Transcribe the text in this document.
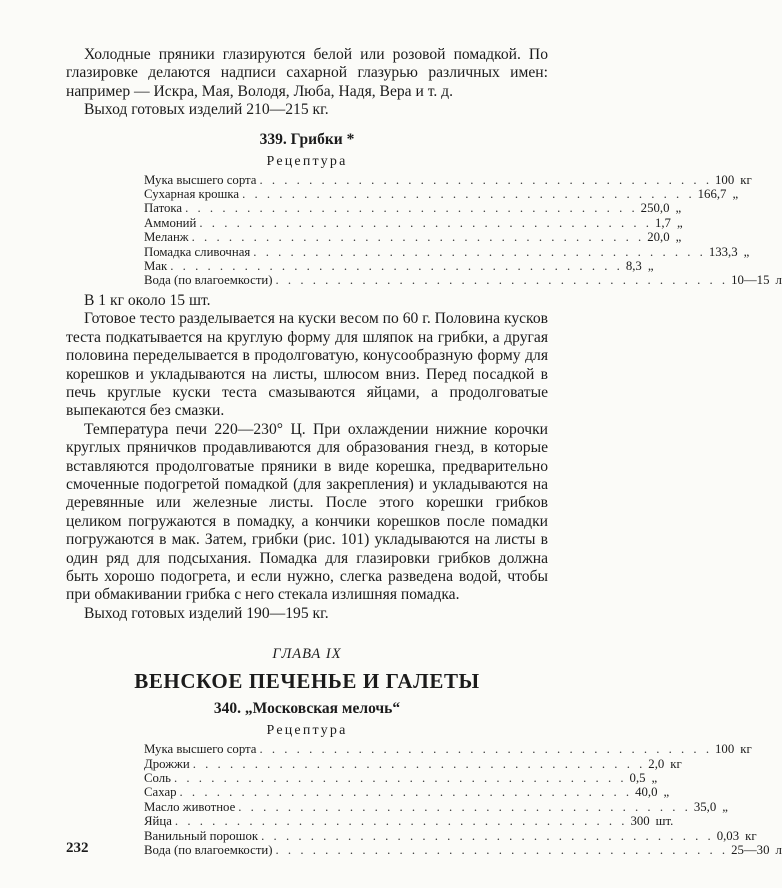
Холодные пряники глазируются белой или розовой помадкой. По глазировке делаются надписи сахарной глазурью различных имен: например — Искра, Мая, Володя, Люба, Надя, Вера и т. д.

Выход готовых изделий 210—215 кг.

339. Грибки *
Рецептура
Мука высшего сорта . . . . . . . . . . . . . . . . . . . . . . . . . . . . . . . . . . . . . 100 кг
Сухарная крошка . . . . . . . . . . . . . . . . . . . . . . . . . . . . . . . . . . . . . 166,7 „
Патока . . . . . . . . . . . . . . . . . . . . . . . . . . . . . . . . . . . . . 250,0 „
Аммоний . . . . . . . . . . . . . . . . . . . . . . . . . . . . . . . . . . . . . 1,7 „
Меланж . . . . . . . . . . . . . . . . . . . . . . . . . . . . . . . . . . . . . 20,0 „
Помадка сливочная . . . . . . . . . . . . . . . . . . . . . . . . . . . . . . . . . . . . . 133,3 „
Мак . . . . . . . . . . . . . . . . . . . . . . . . . . . . . . . . . . . . . 8,3 „
Вода (по влагоемкости) . . . . . . . . . . . . . . . . . . . . . . . . . . . . . . . . . . . . . 10—15 л

В 1 кг около 15 шт.

Готовое тесто разделывается на куски весом по 60 г. Половина кусков теста подкатывается на круглую форму для шляпок на грибки, а другая половина переделывается в продолговатую, конусообразную форму для корешков и укладываются на листы, шлюсом вниз. Перед посадкой в печь круглые куски теста смазываются яйцами, а продолговатые выпекаются без смазки.

Температура печи 220—230° Ц. При охлаждении нижние корочки круглых пряничков продавливаются для образования гнезд, в которые вставляются продолговатые пряники в виде корешка, предварительно смоченные подогретой помадкой (для закрепления) и укладываются на деревянные или железные листы. После этого корешки грибков целиком погружаются в помадку, а кончики корешков после помадки погружаются в мак. Затем, грибки (рис. 101) укладываются на листы в один ряд для подсыхания. Помадка для глазировки грибков должна быть хорошо подогрета, и если нужно, слегка разведена водой, чтобы при обмакивании грибка с него стекала излишняя помадка.

Выход готовых изделий 190—195 кг.

ГЛАВА IX
ВЕНСКОЕ ПЕЧЕНЬЕ И ГАЛЕТЫ
340. „Московская мелочь“
Рецептура
Мука высшего сорта . . . . . . . . . . . . . . . . . . . . . . . . . . . . . . . . . . . . . 100 кг
Дрожжи . . . . . . . . . . . . . . . . . . . . . . . . . . . . . . . . . . . . . 2,0 кг
Соль . . . . . . . . . . . . . . . . . . . . . . . . . . . . . . . . . . . . . 0,5 „
Сахар . . . . . . . . . . . . . . . . . . . . . . . . . . . . . . . . . . . . . 40,0 „
Масло животное . . . . . . . . . . . . . . . . . . . . . . . . . . . . . . . . . . . . . 35,0 „
Яйца . . . . . . . . . . . . . . . . . . . . . . . . . . . . . . . . . . . . . 300 шт.
Ванильный порошок . . . . . . . . . . . . . . . . . . . . . . . . . . . . . . . . . . . . . 0,03 кг
Вода (по влагоемкости) . . . . . . . . . . . . . . . . . . . . . . . . . . . . . . . . . . . . . 25—30 л
232
